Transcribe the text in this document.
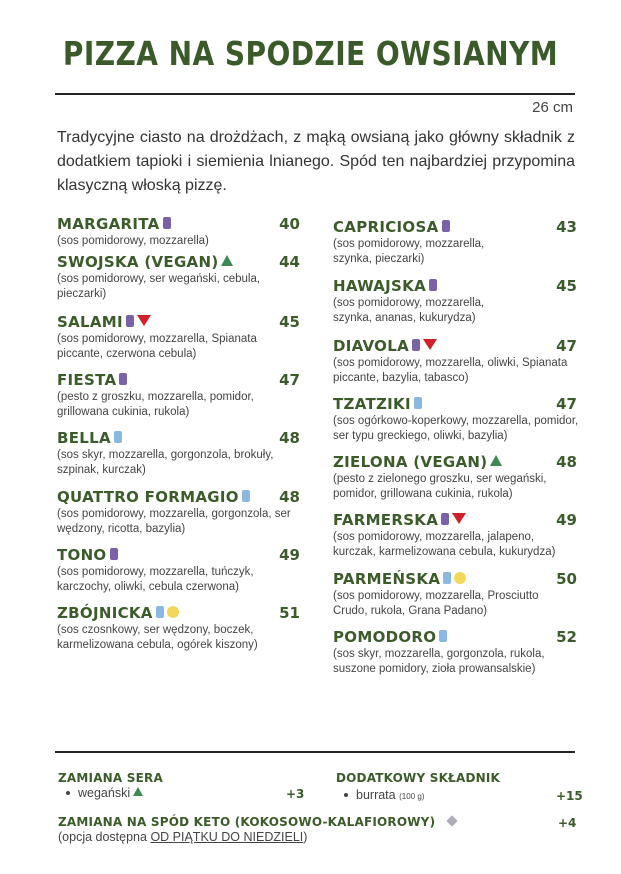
PIZZA NA SPODZIE OWSIANYM
26 cm
Tradycyjne ciasto na drożdżach, z mąką owsianą jako główny składnik z dodatkiem tapioki i siemienia lnianego. Spód ten najbardziej przypomina klasyczną włoską pizzę.
MARGARITA	40
(sos pomidorowy, mozzarella)
SWOJSKA (VEGAN)	44
(sos pomidorowy, ser wegański, cebula, pieczarki)
SALAMI	45
(sos pomidorowy, mozzarella, Spianata piccante, czerwona cebula)
FIESTA	47
(pesto z groszku, mozzarella, pomidor, grillowana cukinia, rukola)
BELLA	48
(sos skyr, mozzarella, gorgonzola, brokuły, szpinak, kurczak)
QUATTRO FORMAGIO	48
(sos pomidorowy, mozzarella, gorgonzola, ser wędzony, ricotta, bazylia)
TONO	49
(sos pomidorowy, mozzarella, tuńczyk, karczochy, oliwki, cebula czerwona)
ZBÓJNICKA	51
(sos czosnkowy, ser wędzony, boczek, karmelizowana cebula, ogórek kiszony)
CAPRICIOSA	43
(sos pomidorowy, mozzarella, szynka, pieczarki)
HAWAJSKA	45
(sos pomidorowy, mozzarella, szynka, ananas, kukurydza)
DIAVOLA	47
(sos pomidorowy, mozzarella, oliwki, Spianata piccante, bazylia, tabasco)
TZATZIKI	47
(sos ogórkowo-koperkowy, mozzarella, pomidor, ser typu greckiego, oliwki, bazylia)
ZIELONA (VEGAN)	48
(pesto z zielonego groszku, ser wegański, pomidor, grillowana cukinia, rukola)
FARMERSKA	49
(sos pomidorowy, mozzarella, jalapeno, kurczak, karmelizowana cebula, kukurydza)
PARMEŃSKA	50
(sos pomidorowy, mozzarella, Prosciutto Crudo, rukola, Grana Padano)
POMODORO	52
(sos skyr, mozzarella, gorgonzola, rukola, suszone pomidory, zioła prowansalskie)
ZAMIANA SERA
wegański	+3
DODATKOWY SKŁADNIK
burrata (100 g)	+15
ZAMIANA NA SPÓD KETO (KOKOSOWO-KALAFIOROWY)	+4
(opcja dostępna OD PIĄTKU DO NIEDZIELI)
